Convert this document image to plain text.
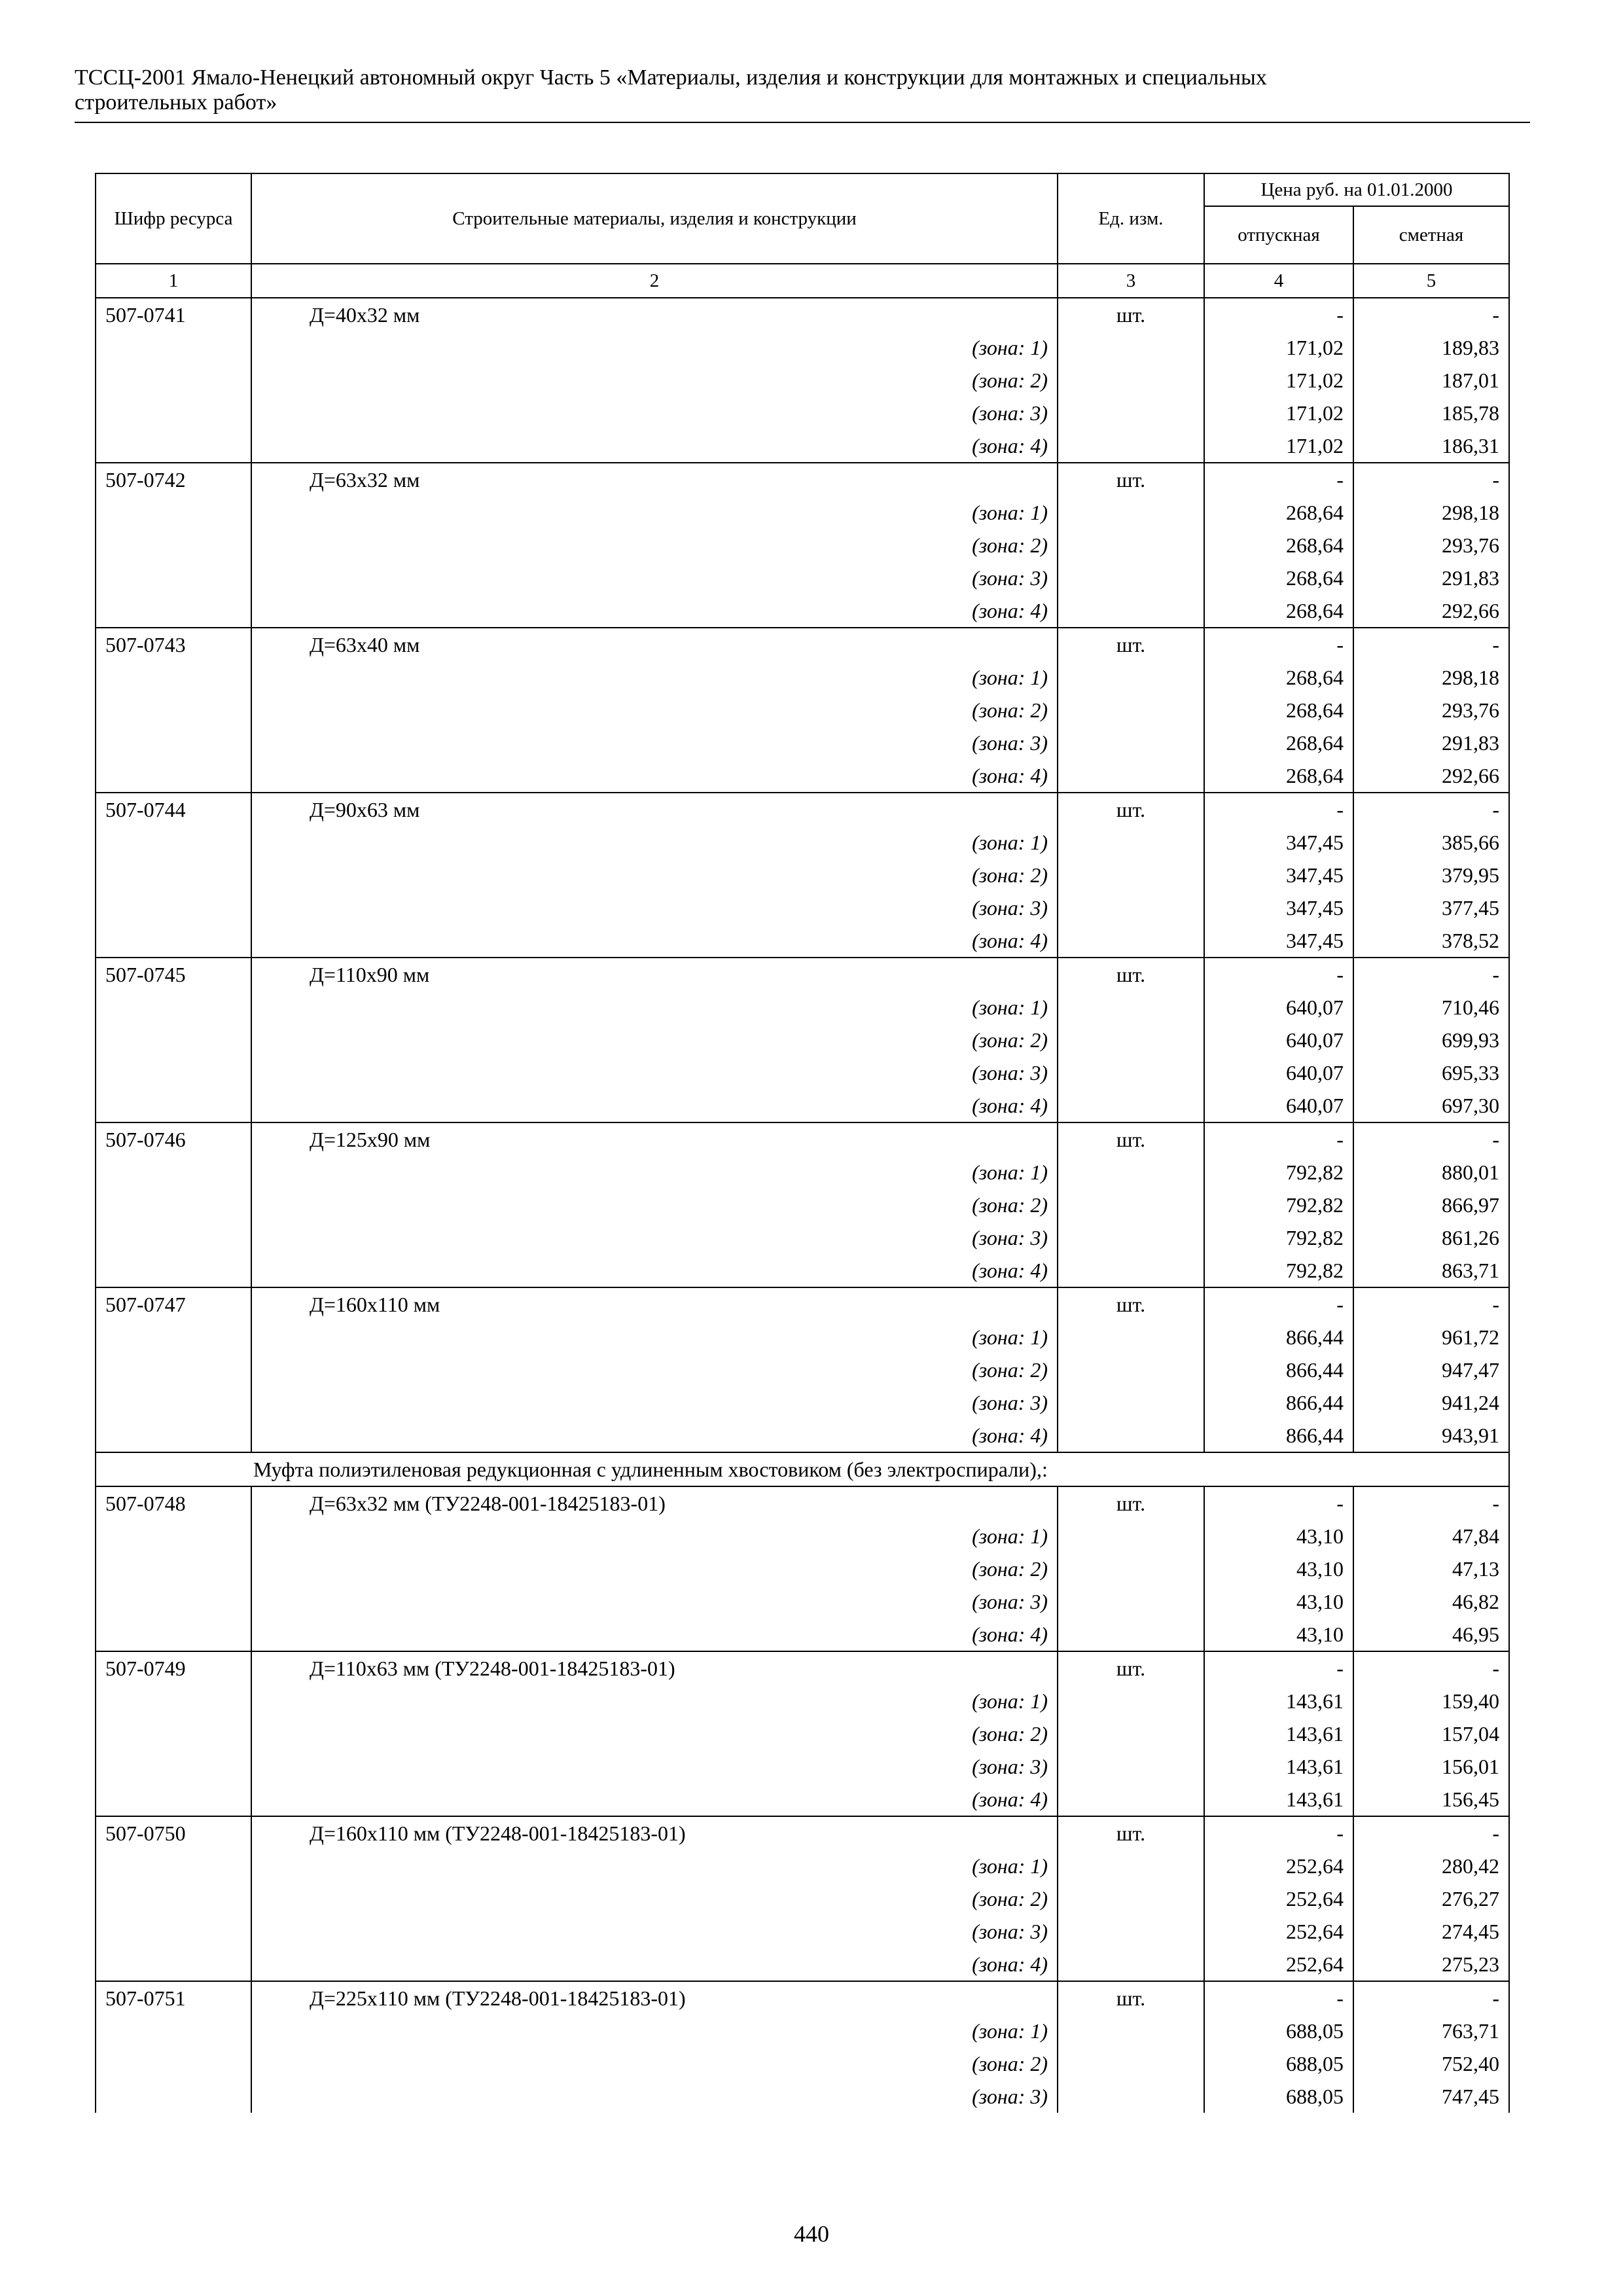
ТССЦ-2001 Ямало-Ненецкий автономный округ Часть 5 «Материалы, изделия и конструкции для монтажных и специальных
строительных работ»
Шифр ресурса	Строительные материалы, изделия и конструкции	Ед. изм.	Цена руб. на 01.01.2000	
			отпускная	сметная
1	2	3	4	5
507-0741	Д=40х32 мм	шт.	-	-
	(зона: 1)		171,02	189,83
	(зона: 2)		171,02	187,01
	(зона: 3)		171,02	185,78
	(зона: 4)		171,02	186,31
507-0742	Д=63х32 мм	шт.	-	-
	(зона: 1)		268,64	298,18
	(зона: 2)		268,64	293,76
	(зона: 3)		268,64	291,83
	(зона: 4)		268,64	292,66
507-0743	Д=63х40 мм	шт.	-	-
	(зона: 1)		268,64	298,18
	(зона: 2)		268,64	293,76
	(зона: 3)		268,64	291,83
	(зона: 4)		268,64	292,66
507-0744	Д=90х63 мм	шт.	-	-
	(зона: 1)		347,45	385,66
	(зона: 2)		347,45	379,95
	(зона: 3)		347,45	377,45
	(зона: 4)		347,45	378,52
507-0745	Д=110х90 мм	шт.	-	-
	(зона: 1)		640,07	710,46
	(зона: 2)		640,07	699,93
	(зона: 3)		640,07	695,33
	(зона: 4)		640,07	697,30
507-0746	Д=125х90 мм	шт.	-	-
	(зона: 1)		792,82	880,01
	(зона: 2)		792,82	866,97
	(зона: 3)		792,82	861,26
	(зона: 4)		792,82	863,71
507-0747	Д=160х110 мм	шт.	-	-
	(зона: 1)		866,44	961,72
	(зона: 2)		866,44	947,47
	(зона: 3)		866,44	941,24
	(зона: 4)		866,44	943,91
Муфта полиэтиленовая редукционная с удлиненным хвостовиком (без электроспирали),:				
507-0748	Д=63х32 мм (ТУ2248-001-18425183-01)	шт.	-	-
	(зона: 1)		43,10	47,84
	(зона: 2)		43,10	47,13
	(зона: 3)		43,10	46,82
	(зона: 4)		43,10	46,95
507-0749	Д=110х63 мм (ТУ2248-001-18425183-01)	шт.	-	-
	(зона: 1)		143,61	159,40
	(зона: 2)		143,61	157,04
	(зона: 3)		143,61	156,01
	(зона: 4)		143,61	156,45
507-0750	Д=160х110 мм (ТУ2248-001-18425183-01)	шт.	-	-
	(зона: 1)		252,64	280,42
	(зона: 2)		252,64	276,27
	(зона: 3)		252,64	274,45
	(зона: 4)		252,64	275,23
507-0751	Д=225х110 мм (ТУ2248-001-18425183-01)	шт.	-	-
	(зона: 1)		688,05	763,71
	(зона: 2)		688,05	752,40
	(зона: 3)		688,05	747,45
440
